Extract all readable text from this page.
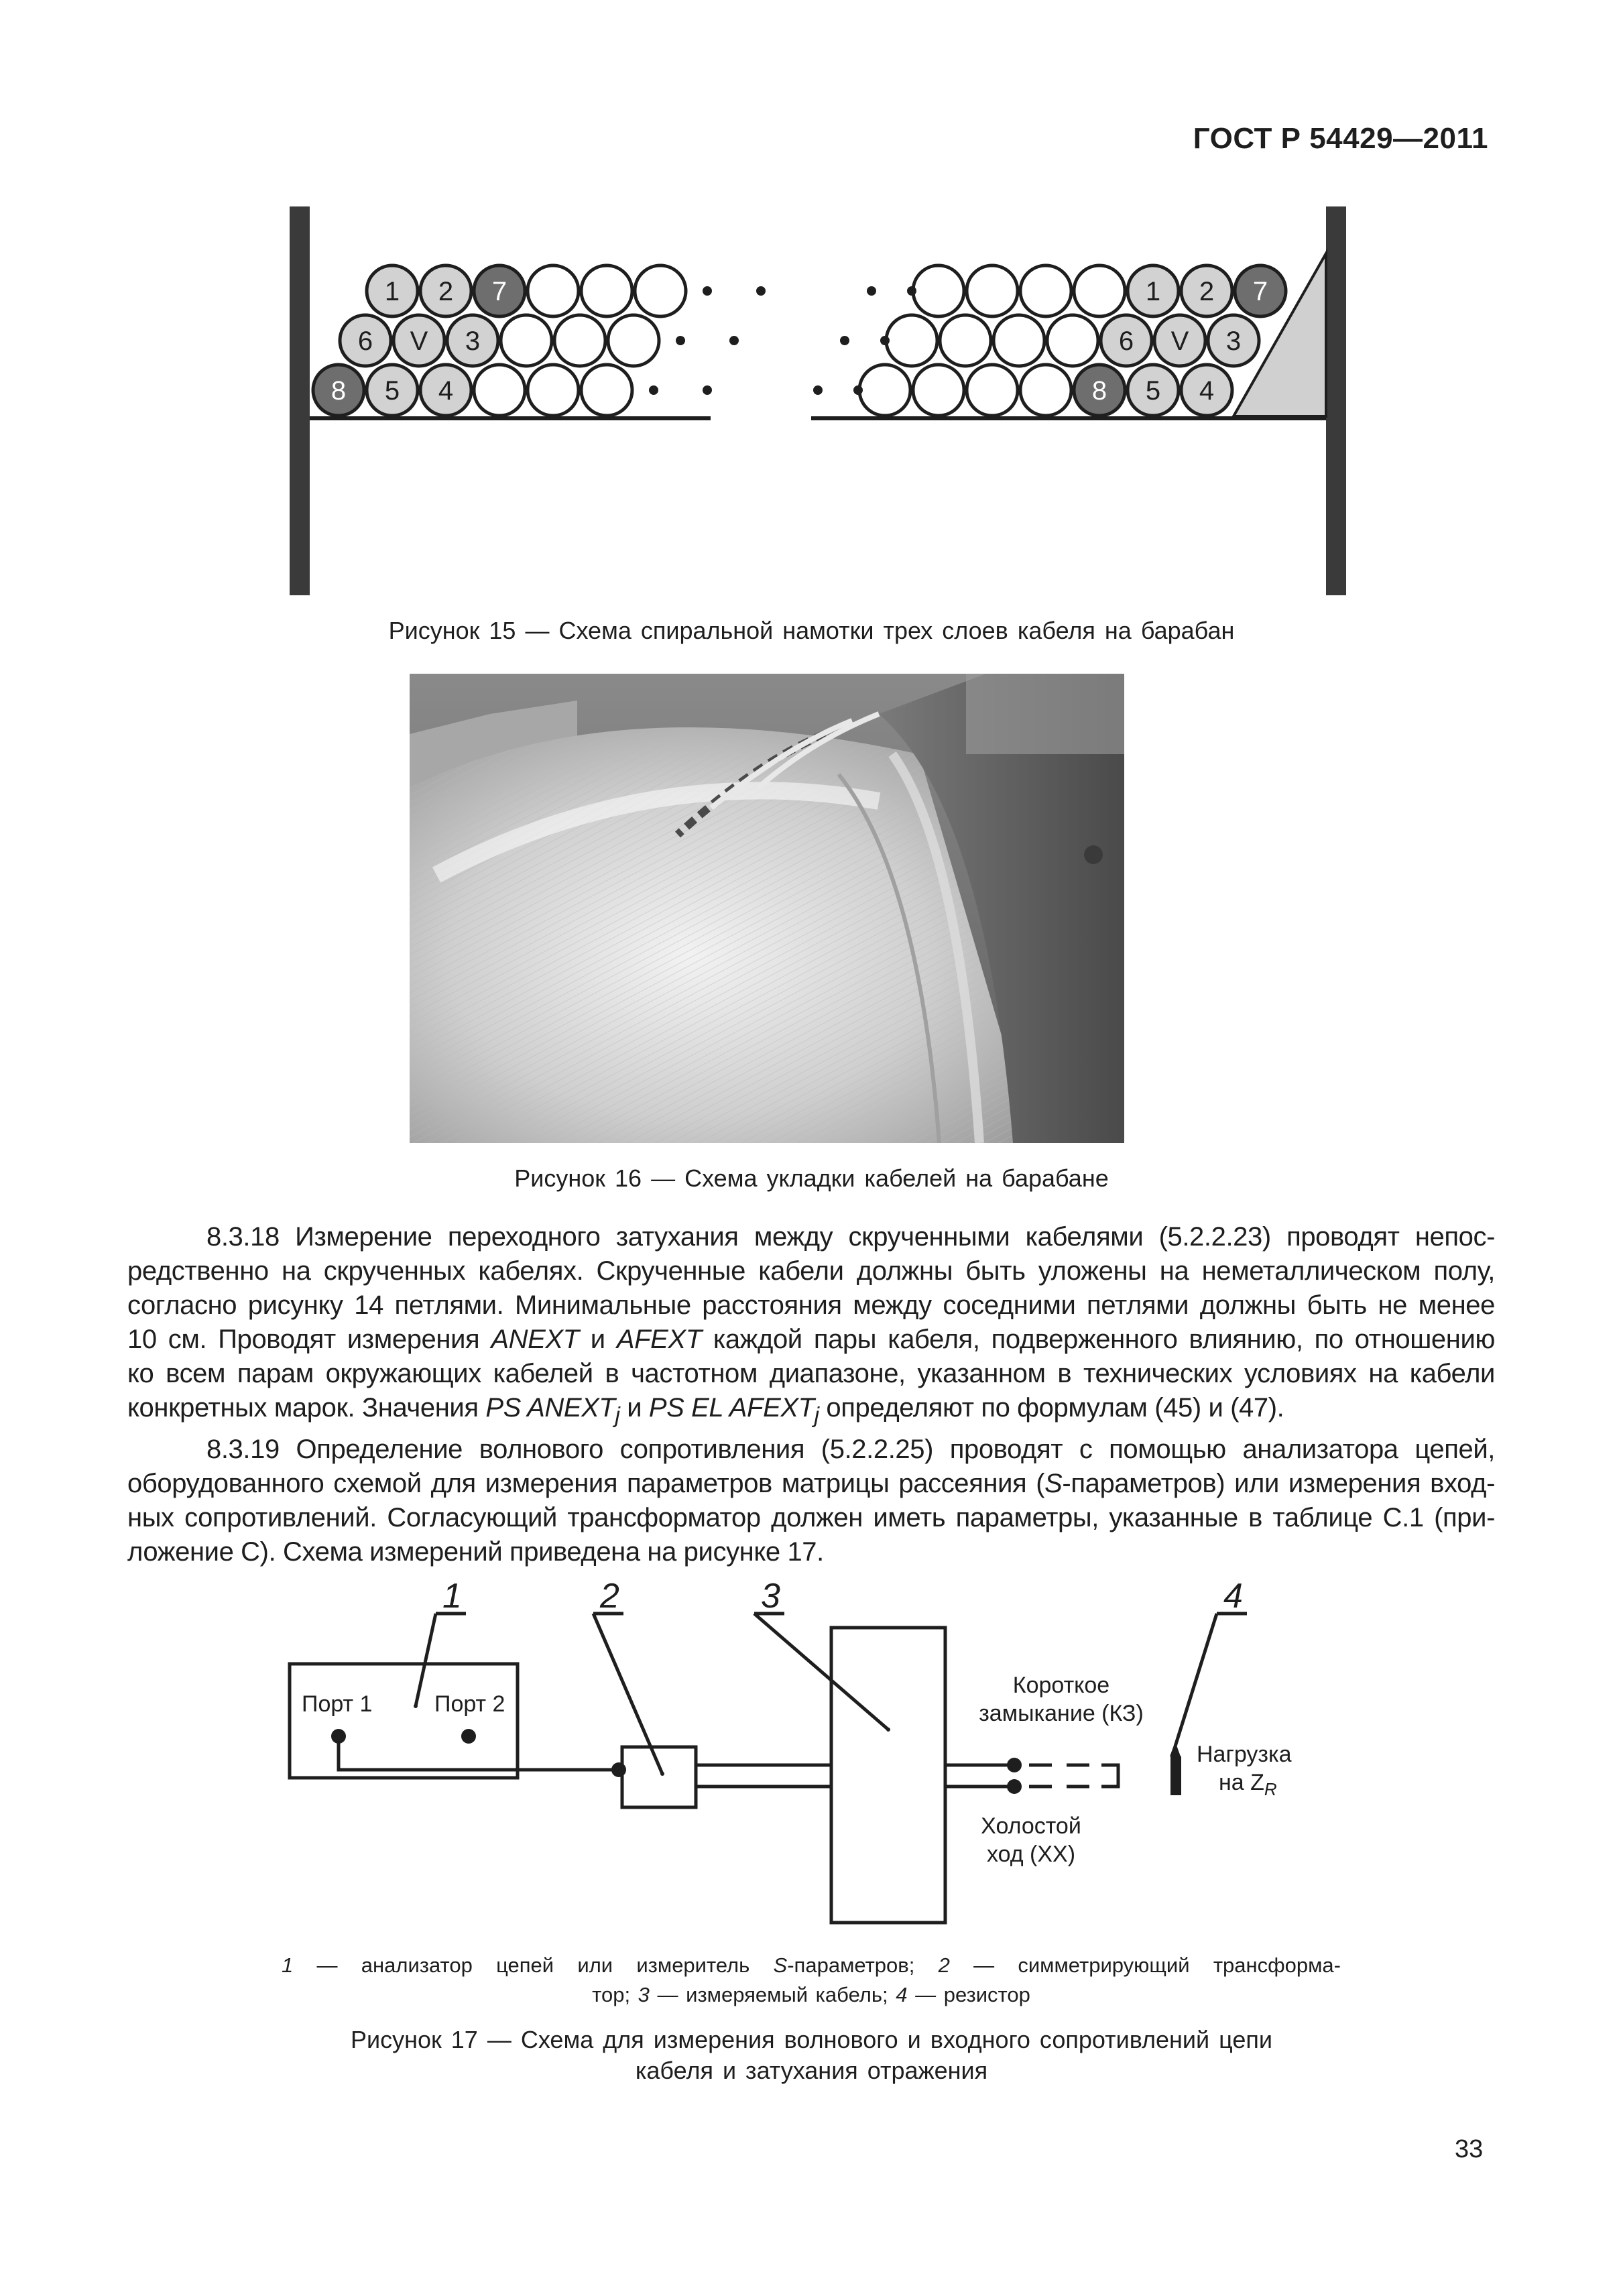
ГОСТ Р 54429—2011
1 2 7
6 V 3
8 5 4
1 2 7
6 V 3
8 5 4
Рисунок 15 — Схема спиральной намотки трех слоев кабеля на барабан
Рисунок 16 — Схема укладки кабелей на барабане

8.3.18 Измерение переходного затухания между скрученными кабелями (5.2.2.23) проводят непос-

редственно на скрученных кабелях. Скрученные кабели должны быть уложены на неметаллическом полу,
согласно рисунку 14 петлями. Минимальные расстояния между соседними петлями должны быть не менее
10 см. Проводят измерения ANEXT и AFEXT каждой пары кабеля, подверженного влиянию, по отношению
ко всем парам окружающих кабелей в частотном диапазоне, указанном в технических условиях на кабели
конкретных марок. Значения PS $ANEXT_j$ и PS EL $AFEXT_j$ определяют по формулам (45) и (47).

8.3.19 Определение волнового сопротивления (5.2.2.25) проводят с помощью анализатора цепей,

оборудованного схемой для измерения параметров матрицы рассеяния (S-параметров) или измерения вход-
ных сопротивлений. Согласующий трансформатор должен иметь параметры, указанные в таблице С.1 (при-
ложение С). Схема измерений приведена на рисунке 17.
1	2	3	4
Порт 1	Порт 2
Короткое
замыкание (КЗ)
Нагрузка
на $Z_R$
Холостой
ход (XX)
1 — анализатор цепей или измеритель S-параметров; 2 — симметрирующий трансформа-
тор; 3 — измеряемый кабель; 4 — резистор
Рисунок 17 — Схема для измерения волнового и входного сопротивлений цепи
кабеля и затухания отражения
33
